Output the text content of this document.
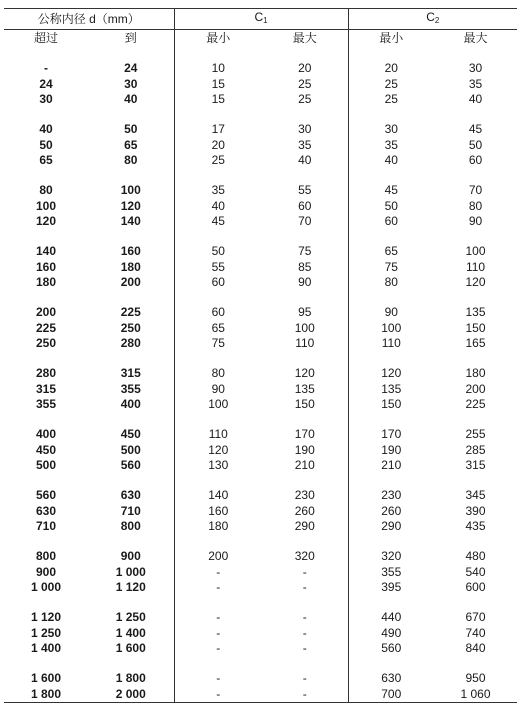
公称内径 d（mm）		$C_1$		$C_2$
超过	到	最小	最大	最小	最大

-	24	10	20	20	30
24	30	15	25	25	35
30	40	15	25	25	40

40	50	17	30	30	45
50	65	20	35	35	50
65	80	25	40	40	60

80	100	35	55	45	70
100	120	40	60	50	80
120	140	45	70	60	90

140	160	50	75	65	100
160	180	55	85	75	110
180	200	60	90	80	120

200	225	60	95	90	135
225	250	65	100	100	150
250	280	75	110	110	165

280	315	80	120	120	180
315	355	90	135	135	200
355	400	100	150	150	225

400	450	110	170	170	255
450	500	120	190	190	285
500	560	130	210	210	315

560	630	140	230	230	345
630	710	160	260	260	390
710	800	180	290	290	435

800	900	200	320	320	480
900	1 000	-	-	355	540
1 000	1 120	-	-	395	600

1 120	1 250	-	-	440	670
1 250	1 400	-	-	490	740
1 400	1 600	-	-	560	840

1 600	1 800	-	-	630	950
1 800	2 000	-	-	700	1 060
